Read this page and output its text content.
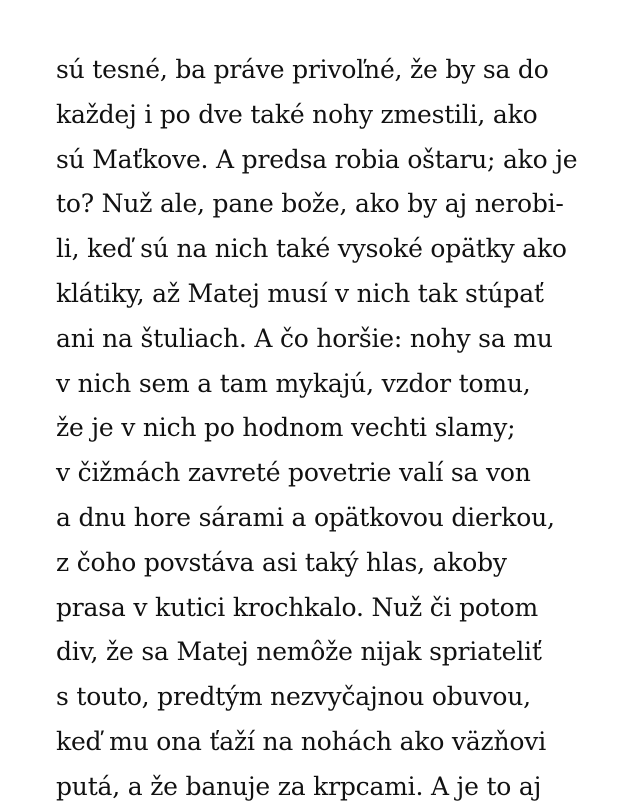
sú tesné, ba práve privoľné, že by sa do
každej i po dve také nohy zmestili, ako
sú Maťkove. A predsa robia oštaru; ako je
to? Nuž ale, pane bože, ako by aj nerobi-
li, keď sú na nich také vysoké opätky ako
klátiky, až Matej musí v nich tak stúpať
ani na štuliach. A čo horšie: nohy sa mu
v nich sem a tam mykajú, vzdor tomu,
že je v nich po hodnom vechti slamy;
v čižmách zavreté povetrie valí sa von
a dnu hore sárami a opätkovou dierkou,
z čoho povstáva asi taký hlas, akoby
prasa v kutici krochkalo. Nuž či potom
div, že sa Matej nemôže nijak spriateliť
s touto, predtým nezvyčajnou obuvou,
keď mu ona ťaží na nohách ako väzňovi
putá, a že banuje za krpcami. A je to aj
